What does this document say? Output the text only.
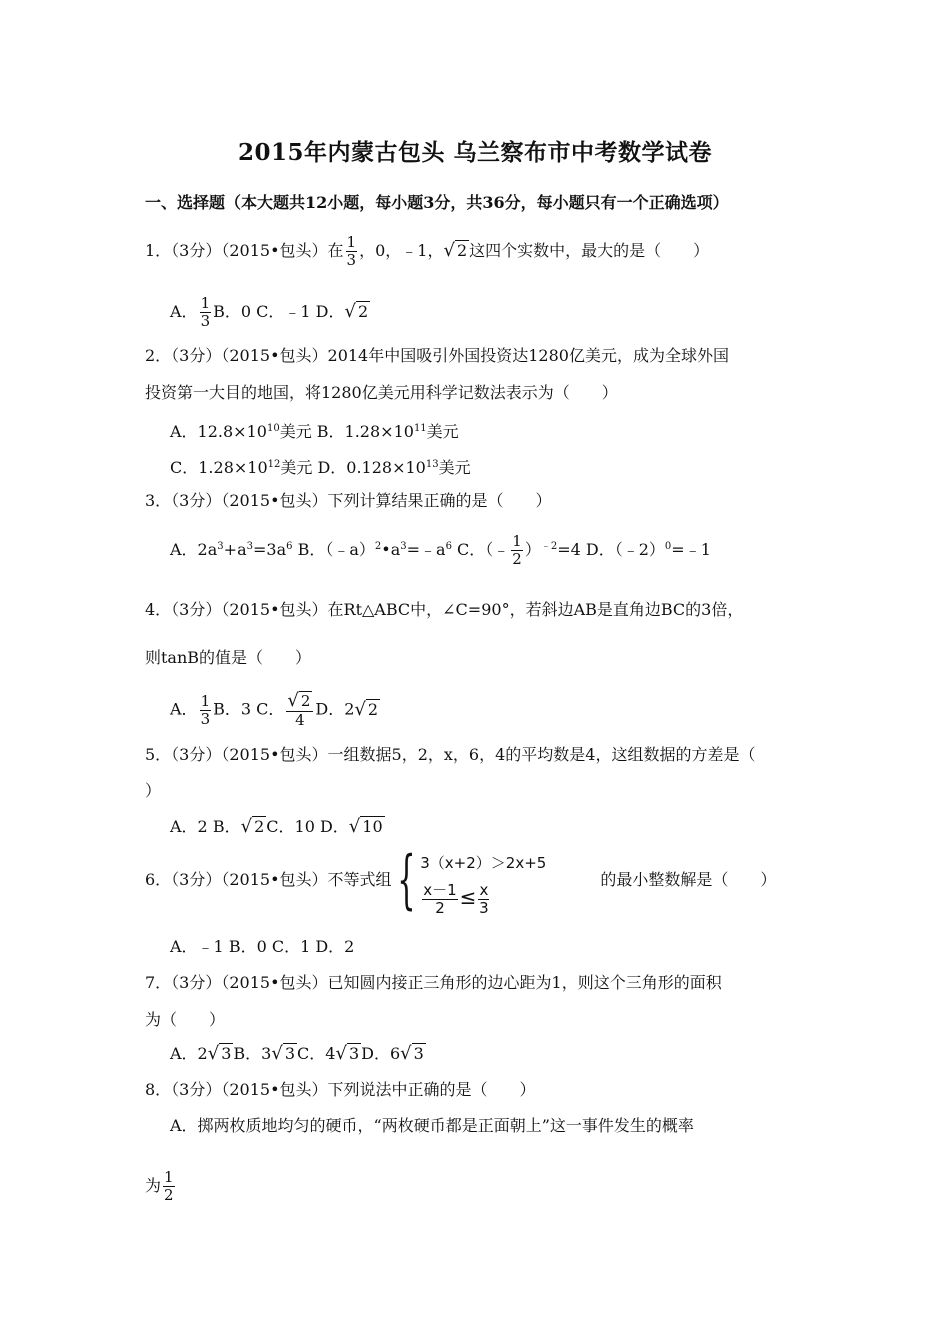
2015年内蒙古包头 乌兰察布市中考数学试卷
一、选择题（本大题共12小题，每小题3分，共36分，每小题只有一个正确选项）
1．（3分）（2015•包头）在 $\frac{1}{3}$ ，0，﹣1，√ 2 这四个实数中，最大的是（　　）
A． $\frac{1}{3}$ B．0 C．﹣1 D．√ 2
2．（3分）（2015•包头）2014年中国吸引外国投资达1280亿美元，成为全球外国
投资第一大目的地国，将1280亿美元用科学记数法表示为（　　）
A．$12.8\times 10^{10}$美元 B．$1.28\times 10^{11}$美元
C．$1.28\times 10^{12}$美元 D．$0.128\times 10^{13}$美元
3．（3分）（2015•包头）下列计算结果正确的是（　　）
A．$2a^3+a^3=3a^6$ B．$(﹣a)^2•a^3=﹣a^6$ C．（﹣ $\frac{1}{2} )^{﹣2}=4$ D．（﹣2）$^0$=﹣1
4．（3分）（2015•包头）在Rt△ABC中，∠C=90°，若斜边AB是直角边BC的3倍，
则tanB的值是（　　）
A． $\frac{1}{3}$ B．3 C． $\frac{√ 2}{4}$ D．2√ 2
5．（3分）（2015•包头）一组数据5，2，x，6，4的平均数是4，这组数据的方差是（
）
A．2 B．√ 2 C．10 D．√ 10
6．（3分）（2015•包头）不等式组{ 3（x+2）＞2x+5
$\frac{x-1}{2} \le \frac{x}{3}$
的最小整数解是（　　）
A．﹣1 B．0 C．1 D．2
7．（3分）（2015•包头）已知圆内接正三角形的边心距为1，则这个三角形的面积
为（　　）
A．2√ 3 B．3√ 3 C．4√ 3 D．6√ 3
8．（3分）（2015•包头）下列说法中正确的是（　　）
A．掷两枚质地均匀的硬币，“两枚硬币都是正面朝上”这一事件发生的概率
为 $\frac{1}{2}$
